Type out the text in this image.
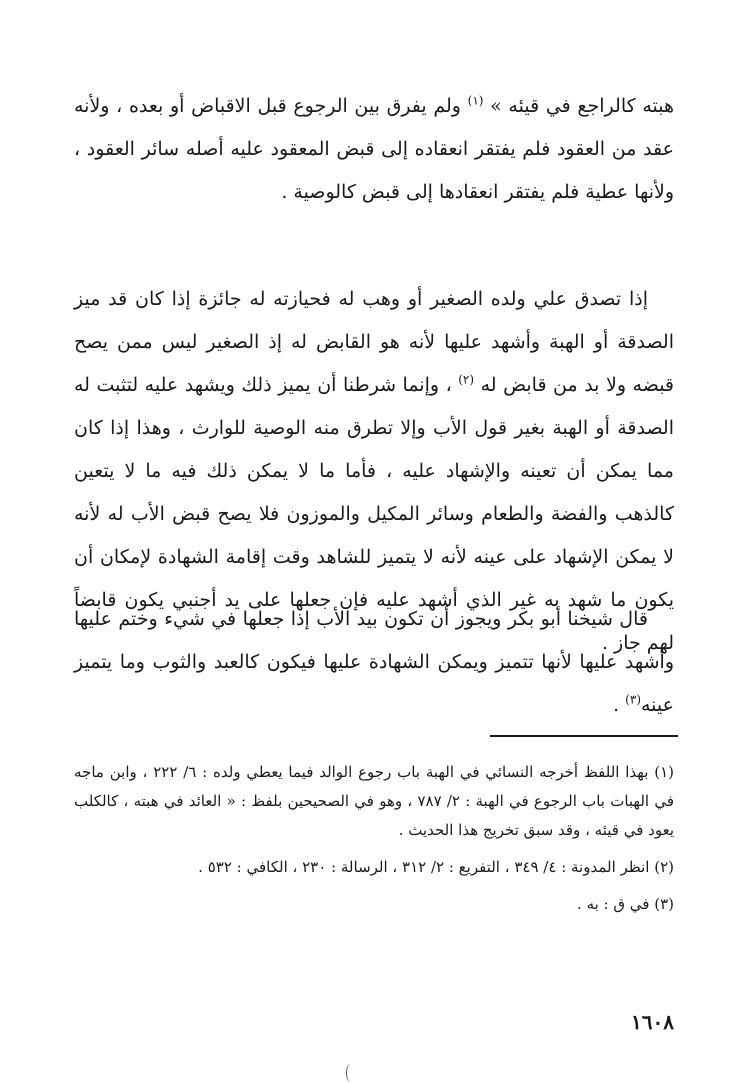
هبته كالراجع في قيئه » $^{(١)}$ ولم يفرق بين الرجوع قبل الاقباض أو بعده ، ولأنه عقد من العقود فلم يفتقر انعقاده إلى قبض المعقود عليه أصله سائر العقود ، ولأنها عطية فلم يفتقر انعقادها إلى قبض كالوصية .

إذا تصدق علي ولده الصغير أو وهب له فحيازته له جائزة إذا كان قد ميز الصدقة أو الهبة وأشهد عليها لأنه هو القابض له إذ الصغير ليس ممن يصح قبضه ولا بد من قابض له $^{(٢)}$ ، وإنما شرطنا أن يميز ذلك ويشهد عليه لتثبت له الصدقة أو الهبة بغير قول الأب وإلا تطرق منه الوصية للوارث ، وهذا إذا كان مما يمكن أن تعينه والإشهاد عليه ، فأما ما لا يمكن ذلك فيه ما لا يتعين كالذهب والفضة والطعام وسائر المكيل والموزون فلا يصح قبض الأب له لأنه لا يمكن الإشهاد على عينه لأنه لا يتميز للشاهد وقت إقامة الشهادة لإمكان أن يكون ما شهد به غير الذي أشهد عليه فإن جعلها على يد أجنبي يكون قابضاً لهم جاز .

قال شيخنا أبو بكر ويجوز أن تكون بيد الأب إذا جعلها في شيء وختم عليها وأشهد عليها لأنها تتميز ويمكن الشهادة عليها فيكون كالعبد والثوب وما يتميز عينه$^{(٣)}$ .

(١) بهذا اللفظ أخرجه النسائي في الهبة باب رجوع الوالد فيما يعطي ولده : ٦/ ٢٢٢ ، وابن ماجه في الهبات باب الرجوع في الهبة : ٢/ ٧٨٧ ، وهو في الصحيحين بلفظ : « العائد في هبته ، كالكلب يعود في قيئه ، وقد سبق تخريج هذا الحديث .

(٢) انظر المدونة : ٤/ ٣٤٩ ، التفريع : ٢/ ٣١٢ ، الرسالة : ٢٣٠ ، الكافي : ٥٣٢ .

(٣) في ق : به .

١٦٠٨
